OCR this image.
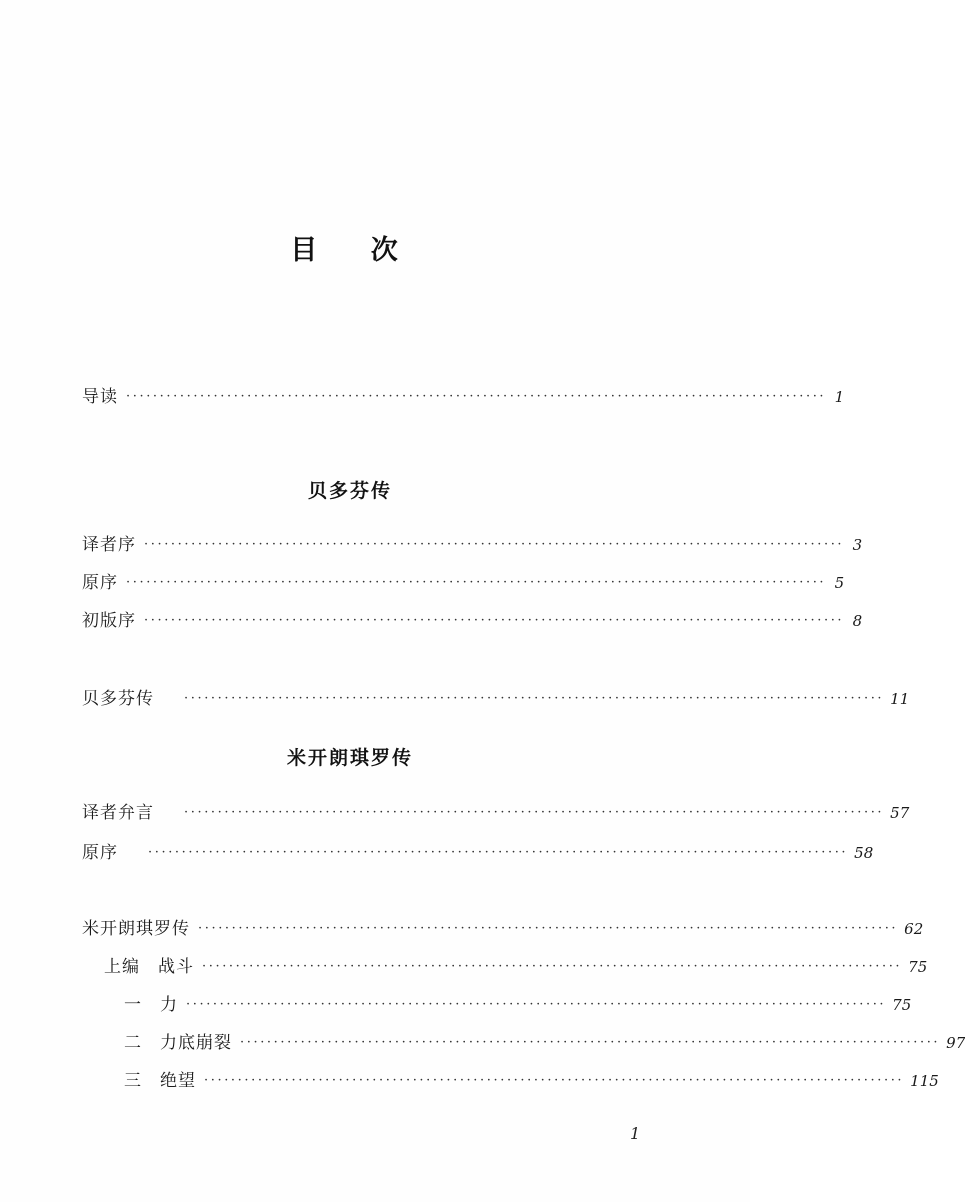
目 次
导读 ········································································································ 1
贝多芬传
译者序 ········································································································ 3
原序 ········································································································ 5
初版序 ········································································································ 8
贝多芬传 ········································································································ 11
米开朗琪罗传
译者弁言 ········································································································ 57
原序 ········································································································ 58
米开朗琪罗传 ········································································································ 62
上编　战斗 ········································································································ 75
一　力 ········································································································ 75
二　力底崩裂 ········································································································ 97
三　绝望 ········································································································ 115
1
